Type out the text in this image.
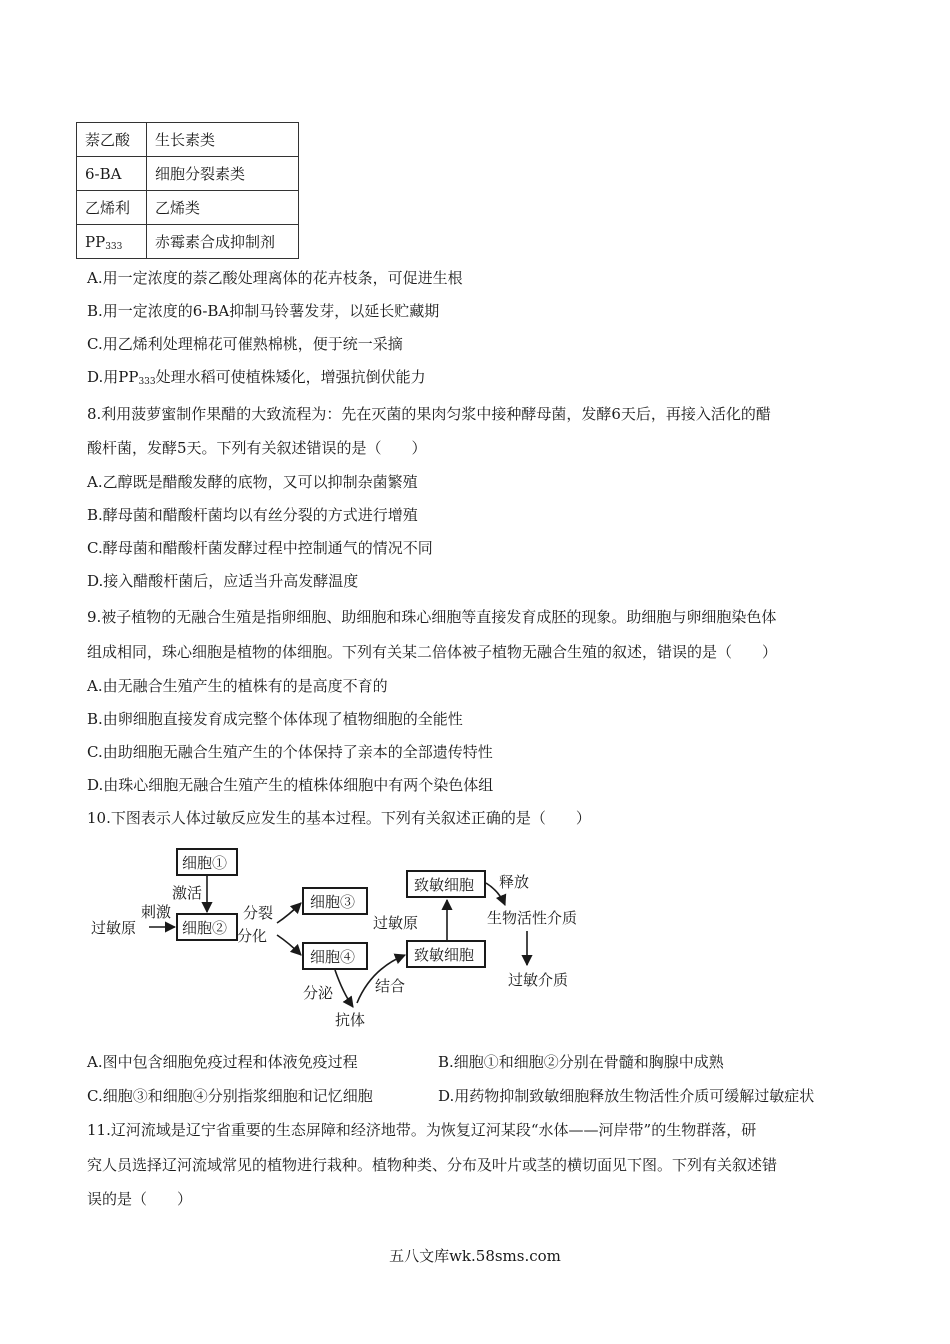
萘乙酸	生长素类
6-BA	细胞分裂素类
乙烯利	乙烯类
$PP_{333}$	赤霉素合成抑制剂
A.用一定浓度的萘乙酸处理离体的花卉枝条，可促进生根
B.用一定浓度的6-BA抑制马铃薯发芽，以延长贮藏期
C.用乙烯利处理棉花可催熟棉桃，便于统一采摘
D.用$PP_{333}$处理水稻可使植株矮化，增强抗倒伏能力
8.利用菠萝蜜制作果醋的大致流程为：先在灭菌的果肉匀浆中接种酵母菌，发酵6天后，再接入活化的醋
酸杆菌，发酵5天。下列有关叙述错误的是（　　）
A.乙醇既是醋酸发酵的底物，又可以抑制杂菌繁殖
B.酵母菌和醋酸杆菌均以有丝分裂的方式进行增殖
C.酵母菌和醋酸杆菌发酵过程中控制通气的情况不同
D.接入醋酸杆菌后，应适当升高发酵温度
9.被子植物的无融合生殖是指卵细胞、助细胞和珠心细胞等直接发育成胚的现象。助细胞与卵细胞染色体
组成相同，珠心细胞是植物的体细胞。下列有关某二倍体被子植物无融合生殖的叙述，错误的是（　　）
A.由无融合生殖产生的植株有的是高度不育的
B.由卵细胞直接发育成完整个体体现了植物细胞的全能性
C.由助细胞无融合生殖产生的个体保持了亲本的全部遗传特性
D.由珠心细胞无融合生殖产生的植株体细胞中有两个染色体组
10.下图表示人体过敏反应发生的基本过程。下列有关叙述正确的是（　　）
细胞①
细胞②
细胞③
细胞④
致敏细胞
致敏细胞
过敏原
刺激
激活
分裂
分化
过敏原
释放
生物活性介质
过敏介质
分泌	结合
抗体
A.图中包含细胞免疫过程和体液免疫过程	B.细胞①和细胞②分别在骨髓和胸腺中成熟
C.细胞③和细胞④分别指浆细胞和记忆细胞	D.用药物抑制致敏细胞释放生物活性介质可缓解过敏症状
11.辽河流域是辽宁省重要的生态屏障和经济地带。为恢复辽河某段“水体——河岸带”的生物群落，研
究人员选择辽河流域常见的植物进行栽种。植物种类、分布及叶片或茎的横切面见下图。下列有关叙述错
误的是（　　）
五八文库wk.58sms.com
